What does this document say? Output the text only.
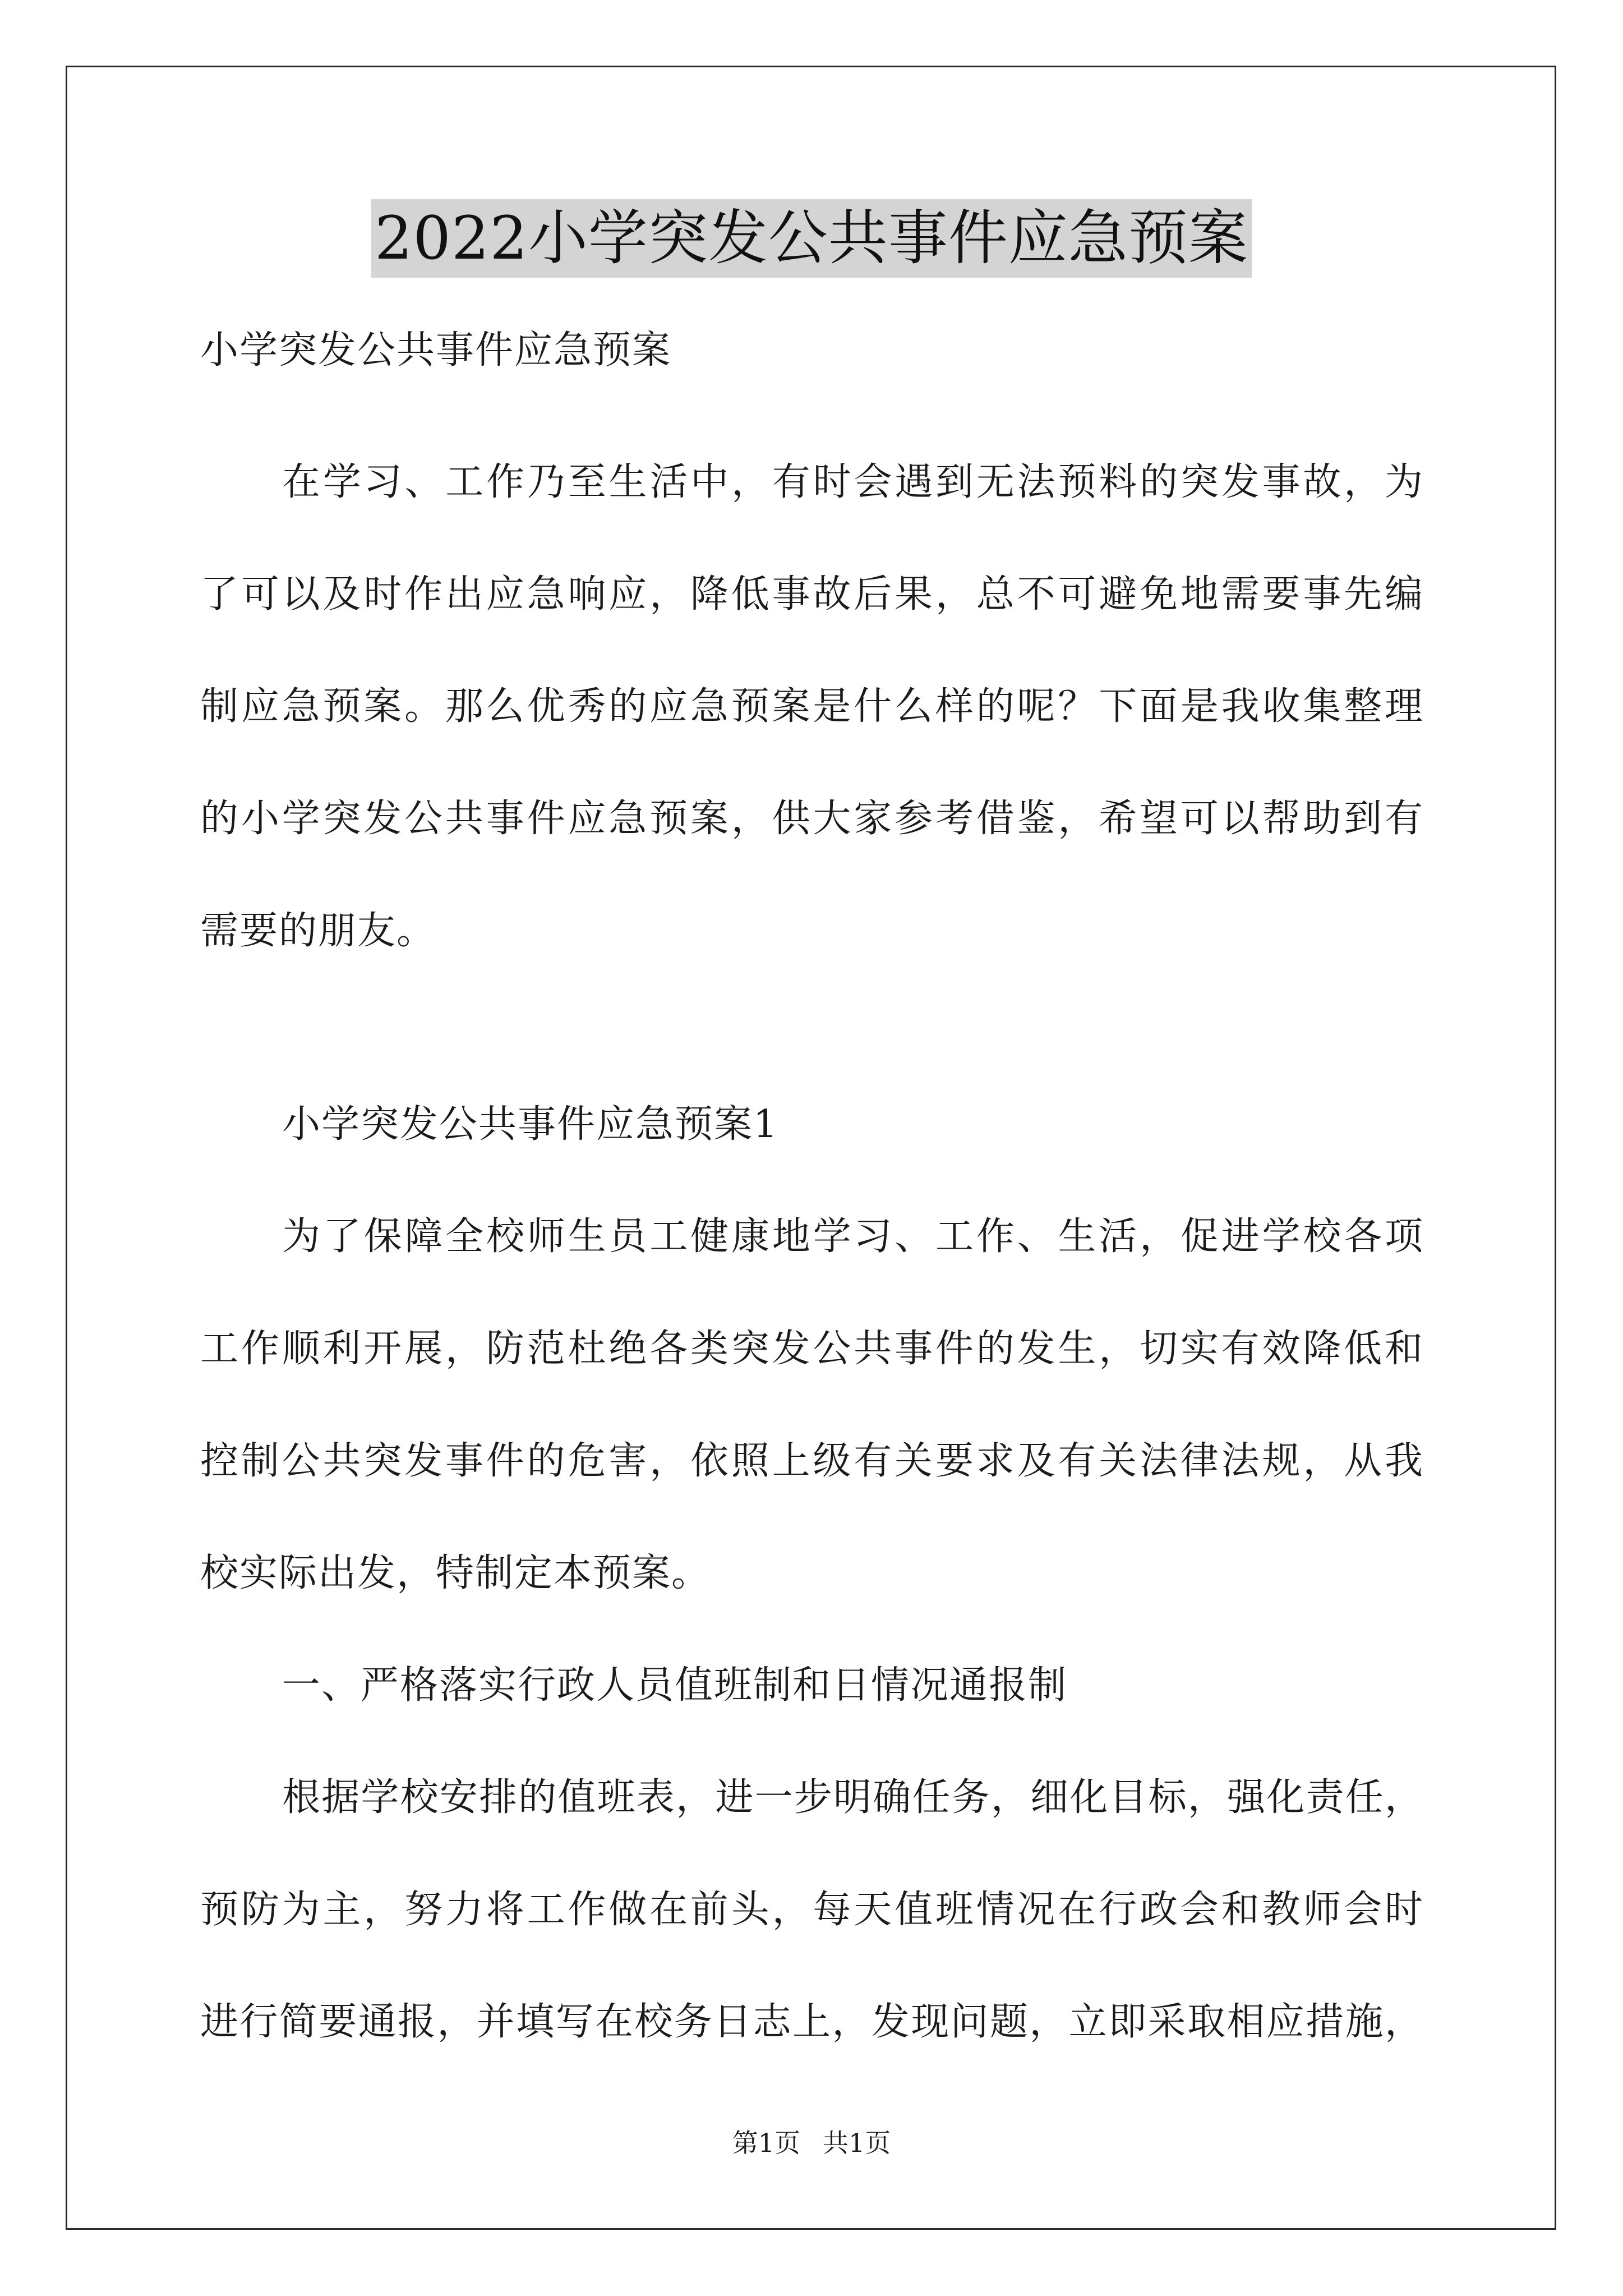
2022小学突发公共事件应急预案
小学突发公共事件应急预案
在学习、工作乃至生活中，有时会遇到无法预料的突发事故，为
了可以及时作出应急响应，降低事故后果，总不可避免地需要事先编
制应急预案。那么优秀的应急预案是什么样的呢？下面是我收集整理
的小学突发公共事件应急预案，供大家参考借鉴，希望可以帮助到有
需要的朋友。
小学突发公共事件应急预案1
为了保障全校师生员工健康地学习、工作、生活，促进学校各项
工作顺利开展，防范杜绝各类突发公共事件的发生，切实有效降低和
控制公共突发事件的危害，依照上级有关要求及有关法律法规，从我
校实际出发，特制定本预案。
一、严格落实行政人员值班制和日情况通报制
根据学校安排的值班表，进一步明确任务，细化目标，强化责任，
预防为主，努力将工作做在前头，每天值班情况在行政会和教师会时
进行简要通报，并填写在校务日志上，发现问题，立即采取相应措施，
第1页 共1页
